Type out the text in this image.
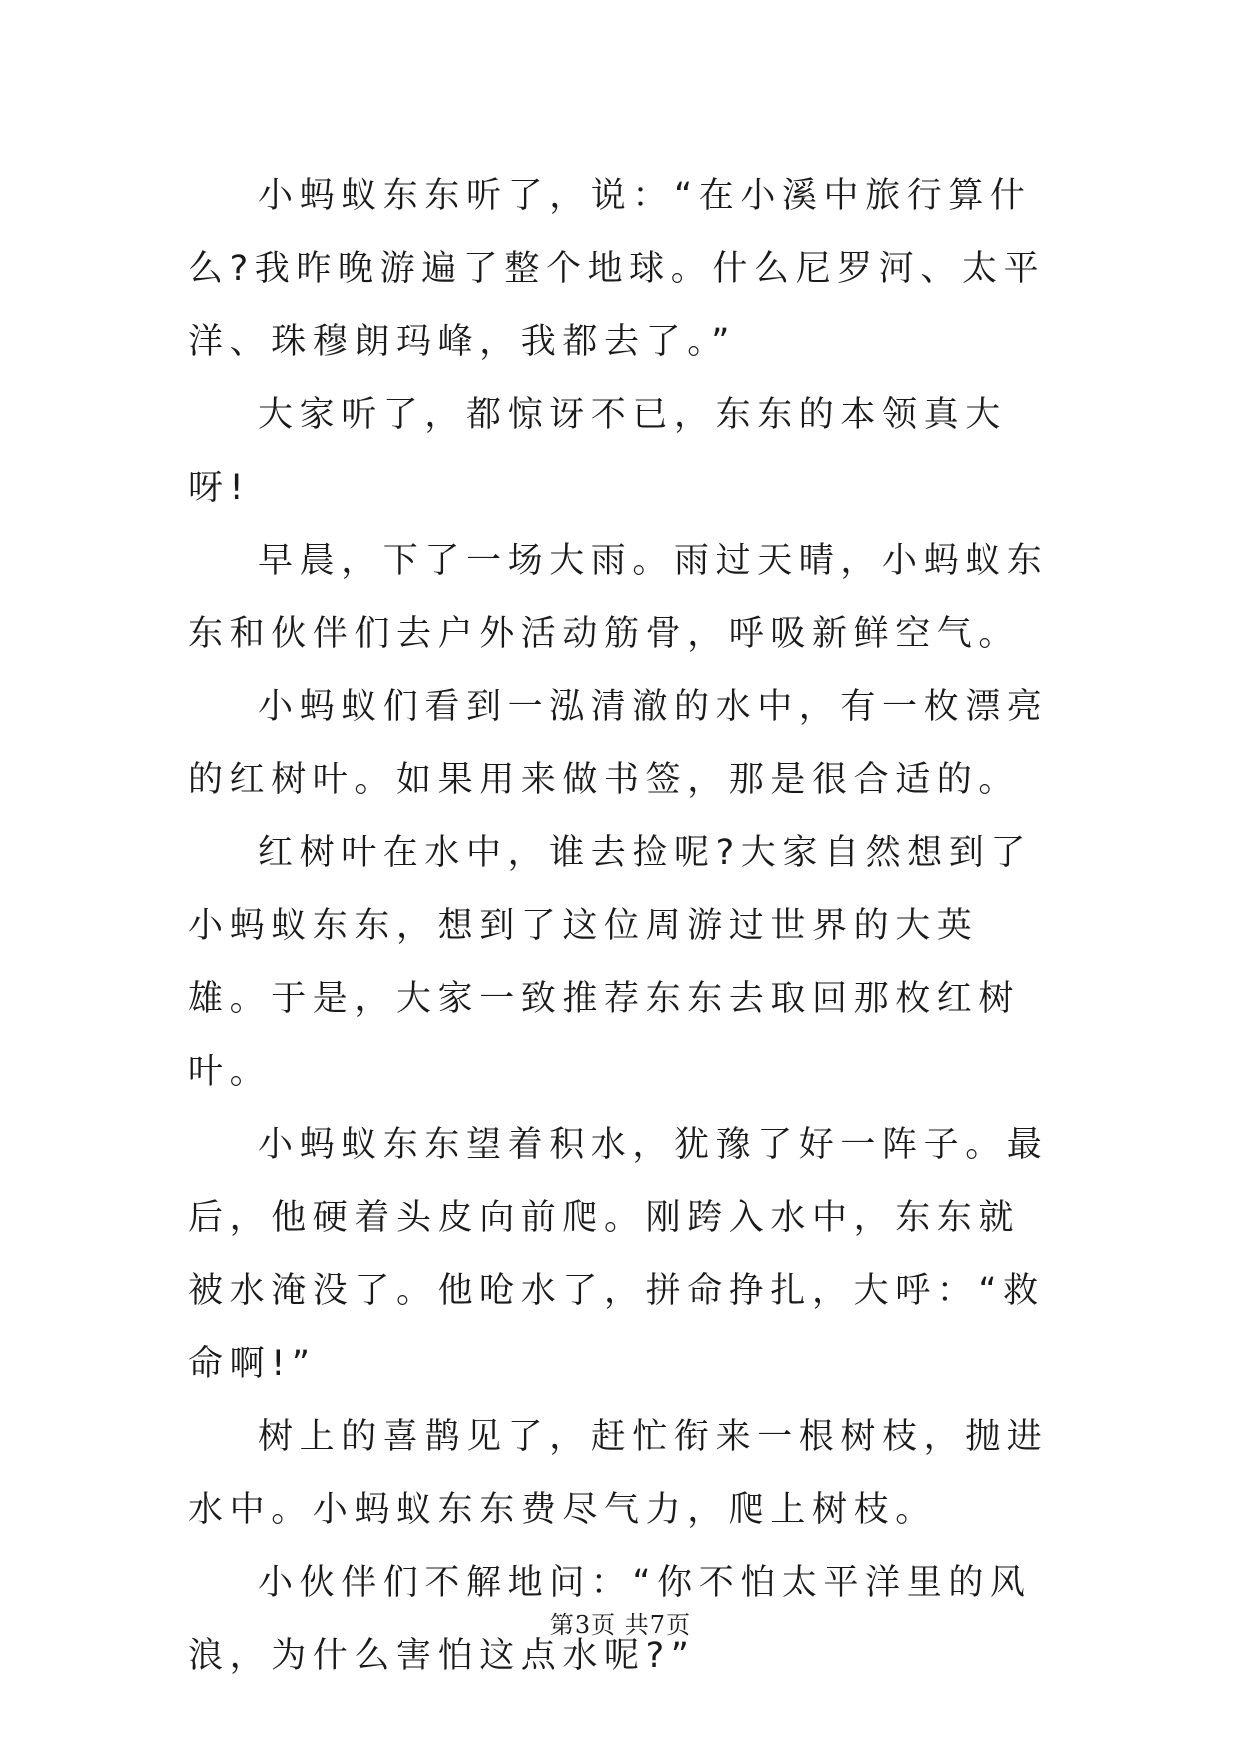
小蚂蚁东东听了，说：“在小溪中旅行算什么?我昨晚游遍了整个地球。什么尼罗河、太平洋、珠穆朗玛峰，我都去了。”

大家听了，都惊讶不已，东东的本领真大呀!

早晨，下了一场大雨。雨过天晴，小蚂蚁东东和伙伴们去户外活动筋骨，呼吸新鲜空气。

小蚂蚁们看到一泓清澈的水中，有一枚漂亮的红树叶。如果用来做书签，那是很合适的。

红树叶在水中，谁去捡呢?大家自然想到了小蚂蚁东东，想到了这位周游过世界的大英雄。于是，大家一致推荐东东去取回那枚红树叶。

小蚂蚁东东望着积水，犹豫了好一阵子。最后，他硬着头皮向前爬。刚跨入水中，东东就被水淹没了。他呛水了，拼命挣扎，大呼：“救命啊!”

树上的喜鹊见了，赶忙衔来一根树枝，抛进水中。小蚂蚁东东费尽气力，爬上树枝。

小伙伴们不解地问：“你不怕太平洋里的风浪，为什么害怕这点水呢?”

第3页 共7页
